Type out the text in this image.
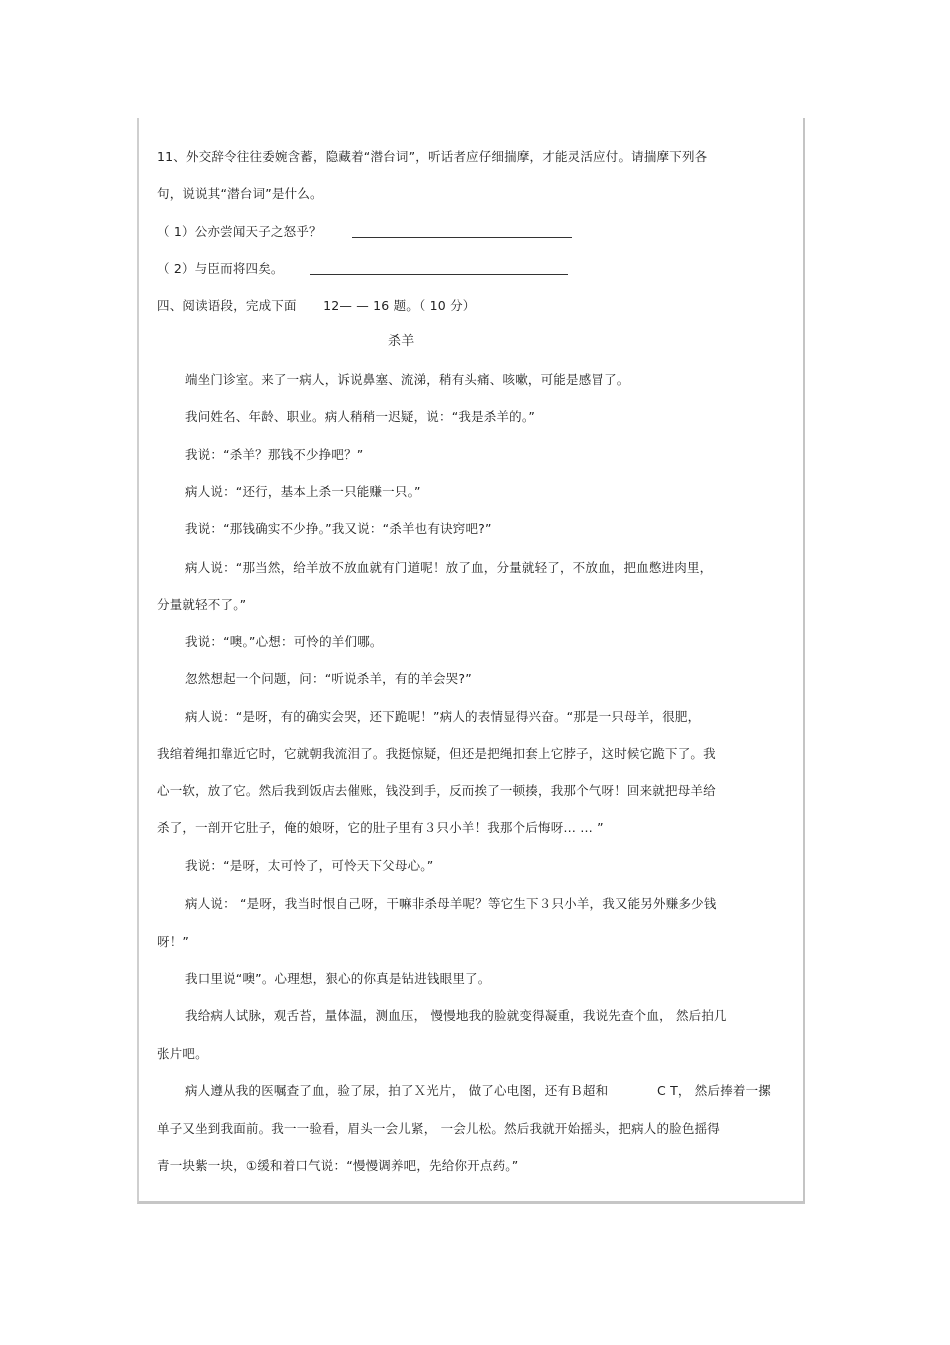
11、外交辞令往往委婉含蓄，隐藏着“潜台词”，听话者应仔细揣摩，才能灵活应付。请揣摩下列各
句，说说其“潜台词”是什么。
（ 1）公亦尝闻天子之怒乎？
（ 2）与臣而将四矣。
四、阅读语段，完成下面 12— — 16 题。（ 10 分）
杀羊
端坐门诊室。来了一病人，诉说鼻塞、流涕，稍有头痛、咳嗽，可能是感冒了。
我问姓名、年龄、职业。病人稍稍一迟疑，说：“我是杀羊的。”
我说：“杀羊？那钱不少挣吧？”
病人说：“还行，基本上杀一只能赚一只。”
我说：“那钱确实不少挣。”我又说：“杀羊也有诀窍吧?”
病人说：“那当然，给羊放不放血就有门道呢！放了血，分量就轻了，不放血，把血憋进肉里，
分量就轻不了。”
我说：“噢。”心想：可怜的羊们哪。
忽然想起一个问题，问：“听说杀羊，有的羊会哭?”
病人说：“是呀，有的确实会哭，还下跪呢！”病人的表情显得兴奋。“那是一只母羊，很肥，
我绾着绳扣靠近它时，它就朝我流泪了。我挺惊疑，但还是把绳扣套上它脖子，这时候它跪下了。我
心一软，放了它。然后我到饭店去催账，钱没到手，反而挨了一顿揍，我那个气呀！回来就把母羊给
杀了，一剖开它肚子，俺的娘呀，它的肚子里有３只小羊！我那个后悔呀… … ”
我说：“是呀，太可怜了，可怜天下父母心。”
病人说： “是呀，我当时恨自己呀，干嘛非杀母羊呢？等它生下３只小羊，我又能另外赚多少钱
呀！”
我口里说“噢”。心理想，狠心的你真是钻进钱眼里了。
我给病人试脉，观舌苔，量体温，测血压， 慢慢地我的脸就变得凝重，我说先查个血， 然后拍几
张片吧。
病人遵从我的医嘱查了血，验了尿，拍了Ｘ光片， 做了心电图，还有Ｂ超和	C T， 然后捧着一摞
单子又坐到我面前。我一一验看，眉头一会儿紧， 一会儿松。然后我就开始摇头，把病人的脸色摇得
青一块紫一块，①缓和着口气说：“慢慢调养吧，先给你开点药。”
